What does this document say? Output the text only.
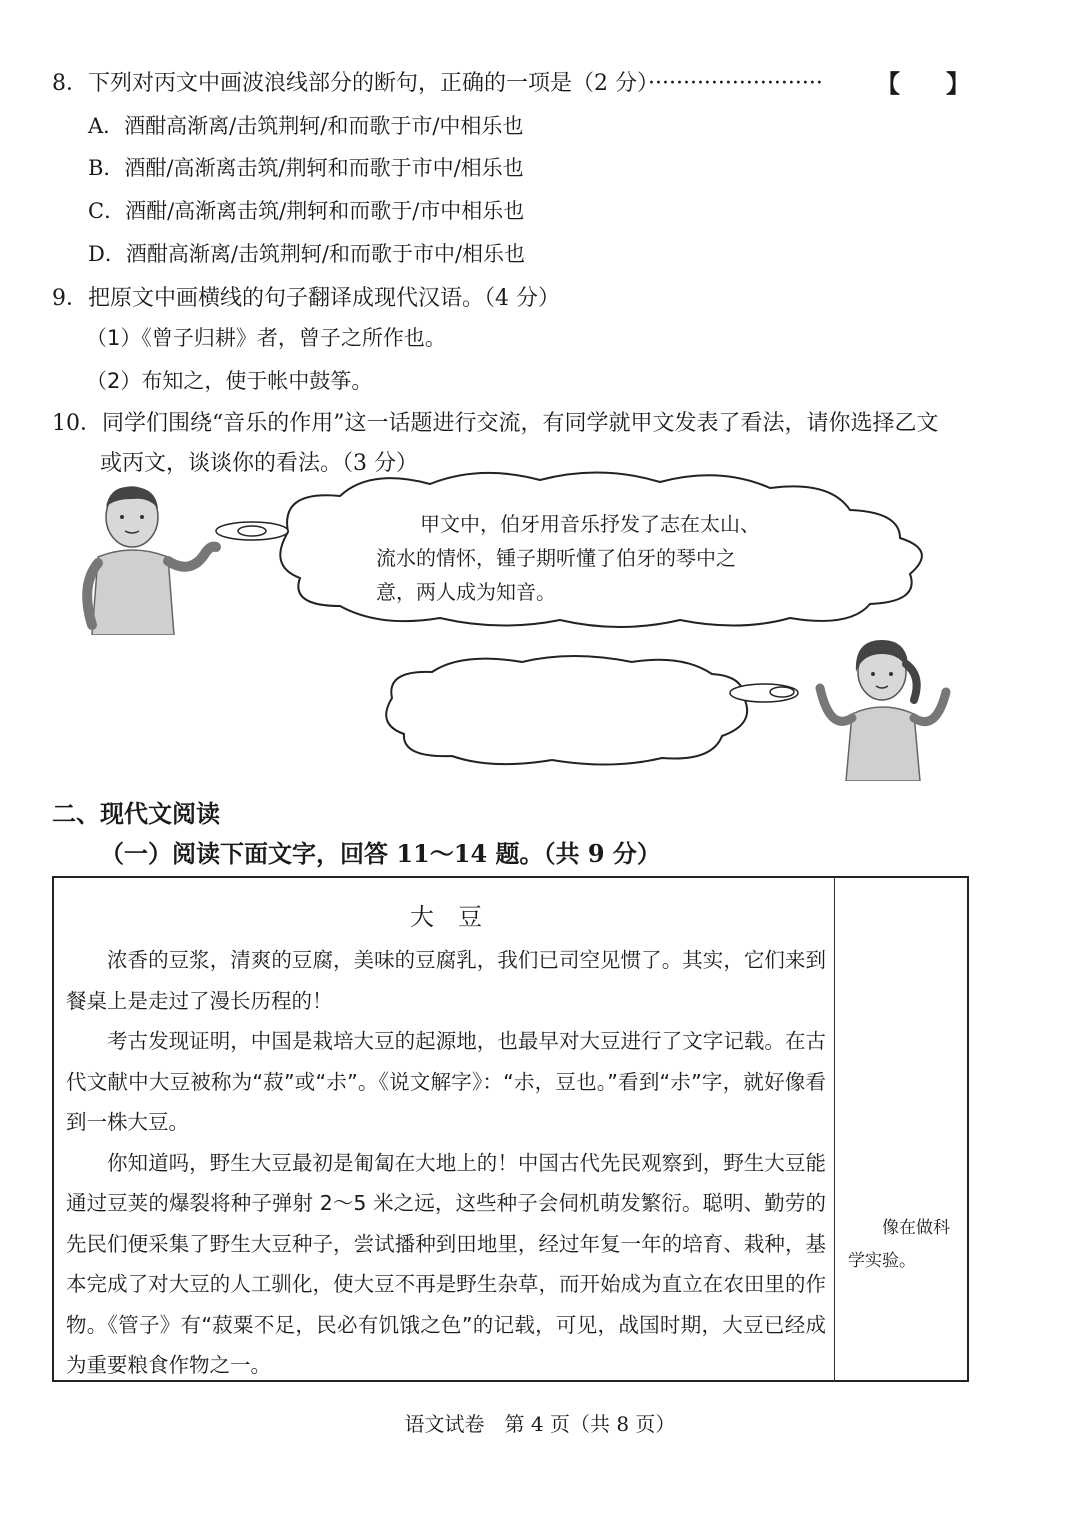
8．下列对丙文中画波浪线部分的断句，正确的一项是（2 分）························· 【 】
A．酒酣高渐离/击筑荆轲/和而歌于市/中相乐也
B．酒酣/高渐离击筑/荆轲和而歌于市中/相乐也
C．酒酣/高渐离击筑/荆轲和而歌于/市中相乐也
D．酒酣高渐离/击筑荆轲/和而歌于市中/相乐也
9．把原文中画横线的句子翻译成现代汉语。（4 分）
（1）《曾子归耕》者，曾子之所作也。
（2）布知之，使于帐中鼓筝。
10．同学们围绕“音乐的作用”这一话题进行交流，有同学就甲文发表了看法，请你选择乙文
或丙文，谈谈你的看法。（3 分）
甲文中，伯牙用音乐抒发了志在太山、
流水的情怀，锺子期听懂了伯牙的琴中之
意，两人成为知音。
二、现代文阅读
（一）阅读下面文字，回答 11～14 题。（共 9 分）
大豆

浓香的豆浆，清爽的豆腐，美味的豆腐乳，我们已司空见惯了。其实，它们来到餐桌上是走过了漫长历程的！

考古发现证明，中国是栽培大豆的起源地，也最早对大豆进行了文字记载。在古代文献中大豆被称为“菽”或“尗”。《说文解字》：“尗，豆也。”看到“尗”字，就好像看到一株大豆。

你知道吗，野生大豆最初是匍匐在大地上的！中国古代先民观察到，野生大豆能通过豆荚的爆裂将种子弹射 2～5 米之远，这些种子会伺机萌发繁衍。聪明、勤劳的先民们便采集了野生大豆种子，尝试播种到田地里，经过年复一年的培育、栽种，基本完成了对大豆的人工驯化，使大豆不再是野生杂草，而开始成为直立在农田里的作物。《管子》有“菽粟不足，民必有饥饿之色”的记载，可见，战国时期，大豆已经成为重要粮食作物之一。

像在做科学实验。
语文试卷　第 4 页（共 8 页）
